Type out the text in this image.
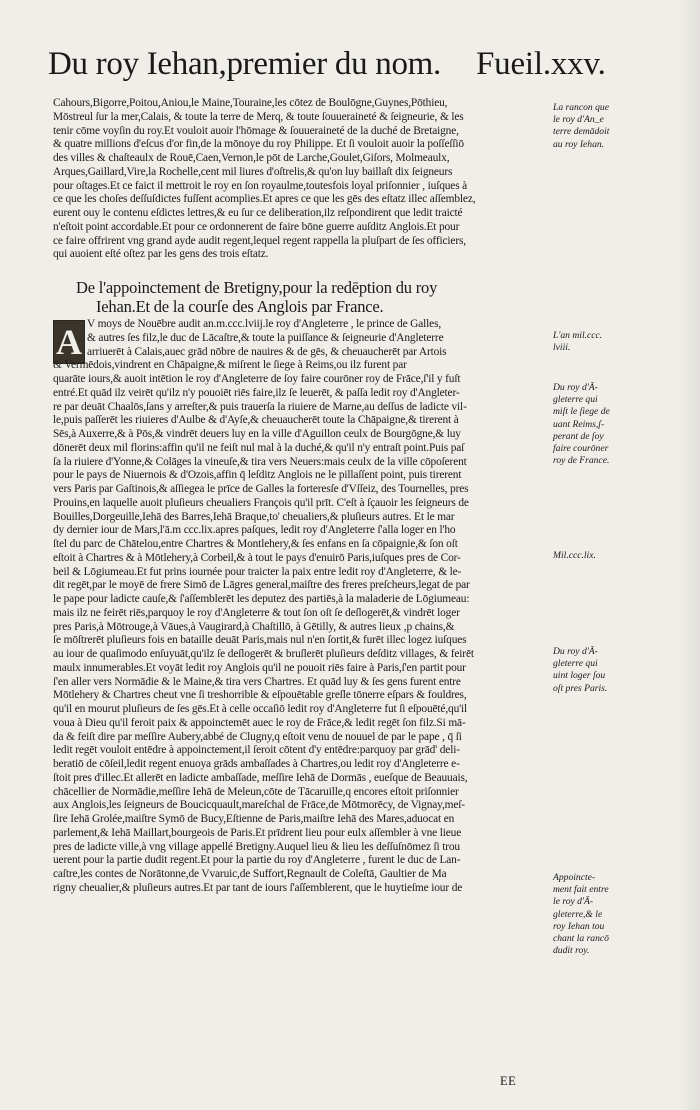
Du roy Iehan,premier du nom. Fueil.xxv.
Cahours,Bigorre,Poitou,Aniou,le Maine,Touraine,les cōtez de Boulōgne,Guynes,Pōthieu,
Mōstreul ſur la mer,Calais, & toute la terre de Merq, & toute ſouueraineté & ſeigneurie, & les
tenir cōme voyſin du roy.Et vouloit auoir l'hōmage & ſouueraineté de la duché de Bretaigne,
& quatre millions d'eſcus d'or fin,de la mōnoye du roy Philippe. Et ſi vouloit auoir la poſſeſſiō
des villes & chaſteaulx de Rouē,Caen,Vernon,le pōt de Larche,Goulet,Giſors, Molmeaulx,
Arques,Gaillard,Vire,la Rochelle,cent mil liures d'oſtrelis,& qu'on luy baillaſt dix ſeigneurs
pour oſtages.Et ce faict il mettroit le roy en ſon royaulme,toutesfois loyal priſonnier , iuſques à
ce que les choſes deſſuſdictes fuſſent acomplies.Et apres ce que les gēs des eſtatz illec aſſemblez,
eurent ouy le contenu eſdictes lettres,& eu ſur ce deliberation,ilz reſpondirent que ledit traicté
n'eſtoit point accordable.Et pour ce ordonnerent de faire bōne guerre auſditz Anglois.Et pour
ce faire offrirent vng grand ayde audit regent,lequel regent rappella la pluſpart de ſes officiers,
qui auoient eſté oſtez par les gens des trois eſtatz.
De l'appoinctement de Bretigny,pour la redēption du roy
Iehan.Et de la courſe des Anglois par France.
A V moys de Nouēbre audit an.m.ccc.lviij.le roy d'Angleterre , le prince de Galles,
& autres ſes filz,le duc de Lācaſtre,& toute la puiſſance & ſeigneurie d'Angleterre
arriuerēt à Calais,auec grād nōbre de nauires & de gēs, & cheuaucherēt par Artois
& Vermēdois,vindrent en Chāpaigne,& miſrent le ſiege à Reims,ou ilz furent par
quarāte iours,& auoit intētion le roy d'Angleterre de ſoy faire courōner roy de Frāce,ſ'il y fuſt
entré.Et quād ilz veirēt qu'ilz n'y pouoiēt riēs faire,ilz ſe leuerēt, & paſſa ledit roy d'Angleter-
re par deuāt Chaalōs,ſans y arreſter,& puis trauerſa la riuiere de Marne,au deſſus de ladicte vil-
le,puis paſſerēt les riuieres d'Aulbe & d'Ayſe,& cheuaucherēt toute la Chāpaigne,& tirerent à
Sēs,à Auxerre,& à Pōs,& vindrēt deuers luy en la ville d'Aguillon ceulx de Bourgōgne,& luy
dōnerēt deux mil florins:affin qu'il ne feiſt nul mal à la duché,& qu'il n'y entraſt point.Puis paſ
ſa la riuiere d'Yonne,& Colāges la vineuſe,& tira vers Neuers:mais ceulx de la ville cōpoſerent
pour le pays de Niuernois & d'Ozois,affin q̄ leſditz Anglois ne le pillaſſent point, puis tirerent
vers Paris par Gaſtinois,& aſſiegea le prīce de Galles la forteresſe d'Vſſeiz, des Tournelles, pres
Prouins,en laquelle auoit pluſieurs cheualiers François qu'il prīt. C'eſt à ſçauoir les ſeigneurs de
Bouilles,Dorgeuille,Iehā des Barres,Iehā Braque,to' cheualiers,& pluſieurs autres. Et le mar
dy dernier iour de Mars,l'ā.m ccc.lix.apres paſques, ledit roy d'Angleterre ſ'alla loger en l'ho
ſtel du parc de Chātelou,entre Chartres & Montlehery,& ſes enfans en ſa cōpaignie,& ſon oſt
eſtoit à Chartres & à Mōtlehery,à Corbeil,& à tout le pays d'enuirō Paris,iuſques pres de Cor-
beil & Lōgiumeau.Et fut prins iournée pour traicter la paix entre ledit roy d'Angleterre, & le-
dit regēt,par le moyē de frere Simō de Lāgres general,maiſtre des freres preſcheurs,legat de par
le pape pour ladicte cauſe,& ſ'aſſemblerēt les deputez des partiēs,à la maladerie de Lōgiumeau:
mais ilz ne feirēt riēs,parquoy le roy d'Angleterre & tout ſon oſt ſe deſlogerēt,& vindrēt loger
pres Paris,à Mōtrouge,à Vāues,à Vaugirard,à Chaſtillō, à Gētilly, & autres lieux ,p chains,&
ſe mōſtrerēt pluſieurs fois en bataille deuāt Paris,mais nul n'en ſortit,& furēt illec logez iuſques
au iour de quaſimodo enſuyuāt,qu'ilz ſe deſlogerēt & bruſlerēt pluſieurs deſditz villages, & feirēt
maulx innumerables.Et voyāt ledit roy Anglois qu'il ne pouoit riēs faire à Paris,ſ'en partit pour
ſ'en aller vers Normādie & le Maine,& tira vers Chartres. Et quād luy & ſes gens furent entre
Mōtlehery & Chartres cheut vne ſi treshorrible & eſpouētable greſle tōnerre eſpars & fouldres,
qu'il en mourut pluſieurs de ſes gēs.Et à celle occaſiō ledit roy d'Angleterre fut ſi eſpouēté,qu'il
voua à Dieu qu'il feroit paix & appoinctemēt auec le roy de Frāce,& ledit regēt ſon filz.Si mā-
da & feiſt dire par meſſire Aubery,abbé de Clugny,q eſtoit venu de nouuel de par le pape , q̄ ſi
ledit regēt vouloit entēdre à appoinctement,il ſeroit cōtent d'y entēdre:parquoy par grād' deli-
beratiō de cōſeil,ledit regent enuoya grāds ambaſſades à Chartres,ou ledit roy d'Angleterre e-
ſtoit pres d'illec.Et allerēt en ladicte ambaſſade, meſſire Iehā de Dormās , eueſque de Beauuais,
chācellier de Normādie,meſſire Iehā de Meleun,cōte de Tācaruille,q encores eſtoit priſonnier
aux Anglois,les ſeigneurs de Boucicquault,mareſchal de Frāce,de Mōtmorēcy, de Vignay,meſ-
ſire Iehā Grolée,maiſtre Symō de Bucy,Eſtienne de Paris,maiſtre Iehā des Mares,aduocat en
parlement,& Iehā Maillart,bourgeois de Paris.Et prīdrent lieu pour eulx aſſembler à vne lieue
pres de ladicte ville,à vng village appellé Bretigny.Auquel lieu & lieu les deſſuſnōmez ſi trou
uerent pour la partie dudit regent.Et pour la partie du roy d'Angleterre , furent le duc de Lan-
caſtre,les contes de Norātonne,de Vvaruic,de Suffort,Regnault de Coleſtā, Gaultier de Ma
rigny cheualier,& pluſieurs autres.Et par tant de iours ſ'aſſemblerent, que le huytieſme iour de
EE
La rancon que
le roy d'An_e
terre demādoit
au roy Iehan.
L'an mil.ccc.
lviii.
Du roy d'Ā-
gleterre qui
miſt le ſiege de
uant Reims,ſ-
perant de ſoy
faire courōner
roy de France.
Mil.ccc.lix.
Du roy d'Ā-
gleterre qui
uint loger ſou
oſt pres Paris.
Appoincte-
ment fait entre
le roy d'Ā-
gleterre,& le
roy Iehan tou
chant la rancō
dudit roy.
